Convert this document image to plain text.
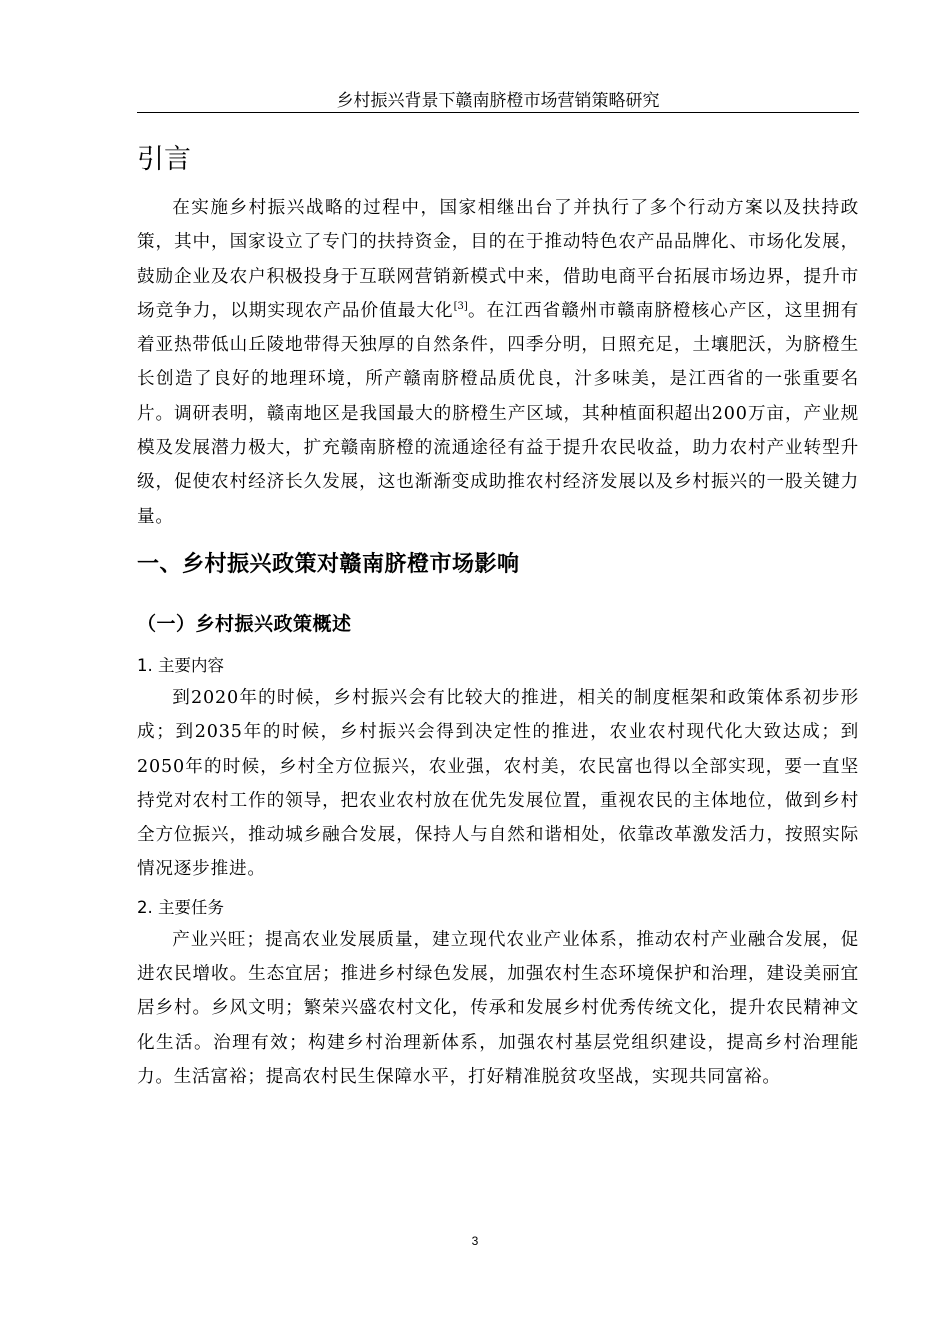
乡村振兴背景下赣南脐橙市场营销策略研究
引言

在实施乡村振兴战略的过程中，国家相继出台了并执行了多个行动方案以及扶持政策，其中，国家设立了专门的扶持资金，目的在于推动特色农产品品牌化、市场化发展，鼓励企业及农户积极投身于互联网营销新模式中来，借助电商平台拓展市场边界，提升市场竞争力，以期实现农产品价值最大化[3]。在江西省赣州市赣南脐橙核心产区，这里拥有着亚热带低山丘陵地带得天独厚的自然条件，四季分明，日照充足，土壤肥沃，为脐橙生长创造了良好的地理环境，所产赣南脐橙品质优良，汁多味美，是江西省的一张重要名片。调研表明，赣南地区是我国最大的脐橙生产区域，其种植面积超出200万亩，产业规模及发展潜力极大，扩充赣南脐橙的流通途径有益于提升农民收益，助力农村产业转型升级，促使农村经济长久发展，这也渐渐变成助推农村经济发展以及乡村振兴的一股关键力量。

一、乡村振兴政策对赣南脐橙市场影响
（一）乡村振兴政策概述
1. 主要内容

到2020年的时候，乡村振兴会有比较大的推进，相关的制度框架和政策体系初步形成；到2035年的时候，乡村振兴会得到决定性的推进，农业农村现代化大致达成；到2050年的时候，乡村全方位振兴，农业强，农村美，农民富也得以全部实现，要一直坚持党对农村工作的领导，把农业农村放在优先发展位置，重视农民的主体地位，做到乡村全方位振兴，推动城乡融合发展，保持人与自然和谐相处，依靠改革激发活力，按照实际情况逐步推进。

2. 主要任务

产业兴旺；提高农业发展质量，建立现代农业产业体系，推动农村产业融合发展，促进农民增收。生态宜居；推进乡村绿色发展，加强农村生态环境保护和治理，建设美丽宜居乡村。乡风文明；繁荣兴盛农村文化，传承和发展乡村优秀传统文化，提升农民精神文化生活。治理有效；构建乡村治理新体系，加强农村基层党组织建设，提高乡村治理能力。生活富裕；提高农村民生保障水平，打好精准脱贫攻坚战，实现共同富裕。

3
